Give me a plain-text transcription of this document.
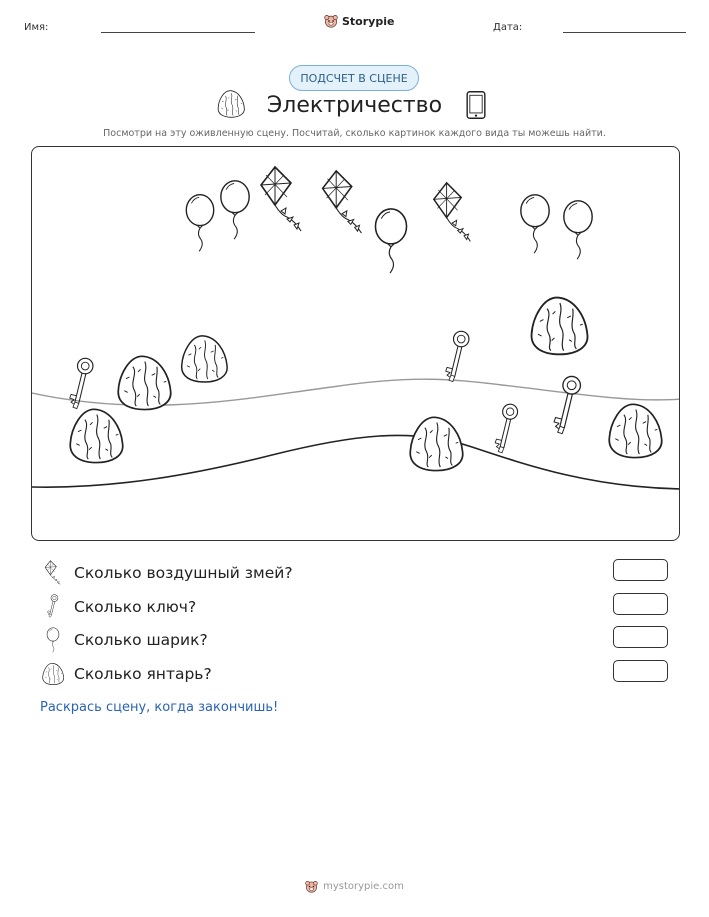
Имя:	Storypie	Дата:
ПОДСЧЕТ В СЦЕНЕ
Электричество
Посмотри на эту оживленную сцену. Посчитай, сколько картинок каждого вида ты можешь найти.
Сколько воздушный змей?
Сколько ключ?
Сколько шарик?
Сколько янтарь?
Раскрась сцену, когда закончишь!
mystorypie.com
